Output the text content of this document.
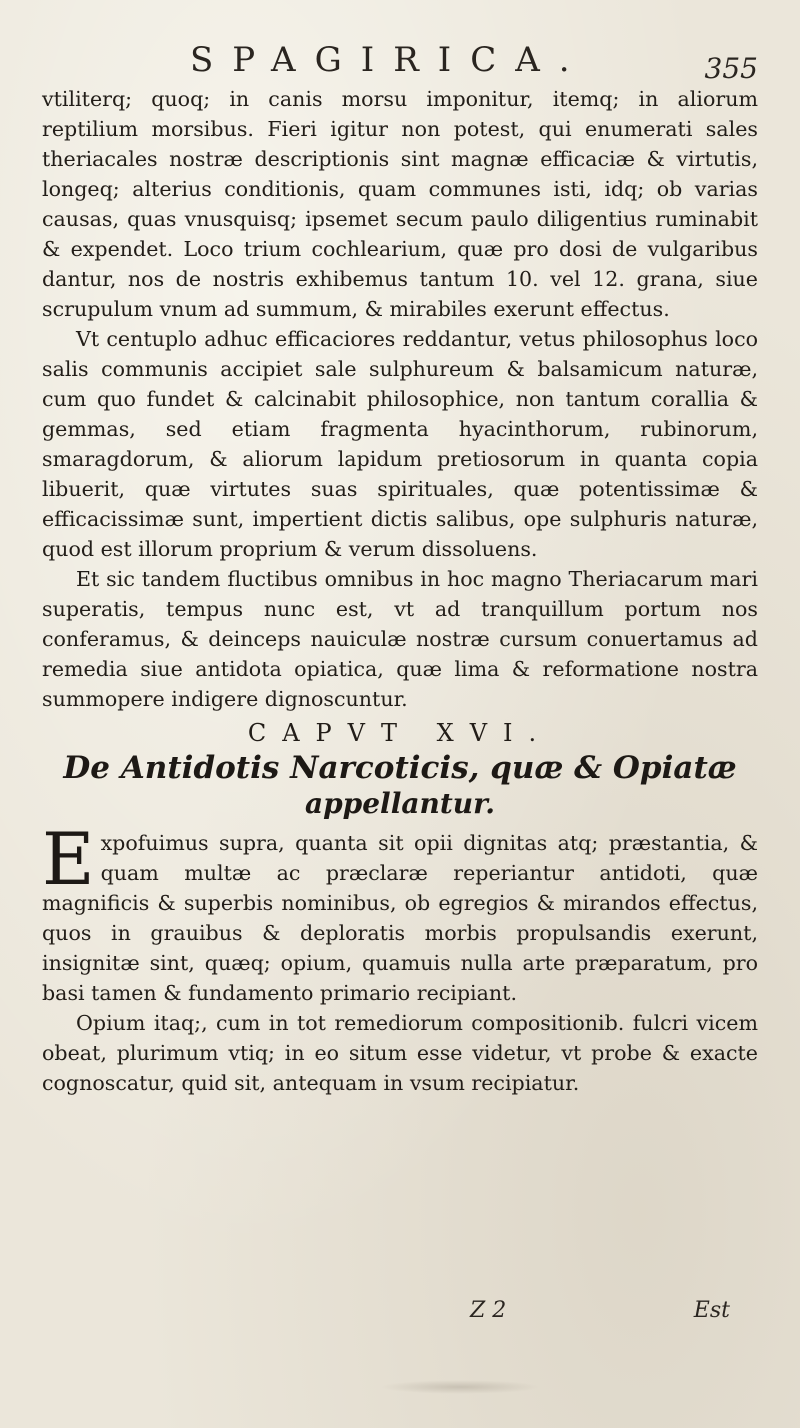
SPAGIRICA.	355

vtiliterq; quoq; in canis morsu imponitur, itemq; in aliorum reptilium morsibus. Fieri igitur non potest, qui enumerati sales theriacales nostræ descriptionis sint magnæ efficaciæ & virtutis, longeq; alterius conditionis, quam communes isti, idq; ob varias causas, quas vnusquisq; ipsemet secum paulo diligentius ruminabit & expendet. Loco trium cochlearium, quæ pro dosi de vulgaribus dantur, nos de nostris exhibemus tantum 10. vel 12. grana, siue scrupulum vnum ad summum, & mirabiles exerunt effectus.

Vt centuplo adhuc efficaciores reddantur, vetus philosophus loco salis communis accipiet sale sulphureum & balsamicum naturæ, cum quo fundet & calcinabit philosophice, non tantum corallia & gemmas, sed etiam fragmenta hyacinthorum, rubinorum, smaragdorum, & aliorum lapidum pretiosorum in quanta copia libuerit, quæ virtutes suas spirituales, quæ potentissimæ & efficacissimæ sunt, impertient dictis salibus, ope sulphuris naturæ, quod est illorum proprium & verum dissoluens.

Et sic tandem fluctibus omnibus in hoc magno Theriacarum mari superatis, tempus nunc est, vt ad tranquillum portum nos conferamus, & deinceps nauiculæ nostræ cursum conuertamus ad remedia siue antidota opiatica, quæ lima & reformatione nostra summopere indigere dignoscuntur.

CAPVT XVI.
De Antidotis Narcoticis, quæ & Opiatæ
appellantur.

Expofuimus supra, quanta sit opii dignitas atq; præstantia, & quam multæ ac præclaræ reperiantur antidoti, quæ magnificis & superbis nominibus, ob egregios & mirandos effectus, quos in grauibus & deploratis morbis propulsandis exerunt, insignitæ sint, quæq; opium, quamuis nulla arte præparatum, pro basi tamen & fundamento primario recipiant.

Opium itaq;, cum in tot remediorum compositionib. fulcri vicem obeat, plurimum vtiq; in eo situm esse videtur, vt probe & exacte cognoscatur, quid sit, antequam in vsum recipiatur.

Z 2	Est
